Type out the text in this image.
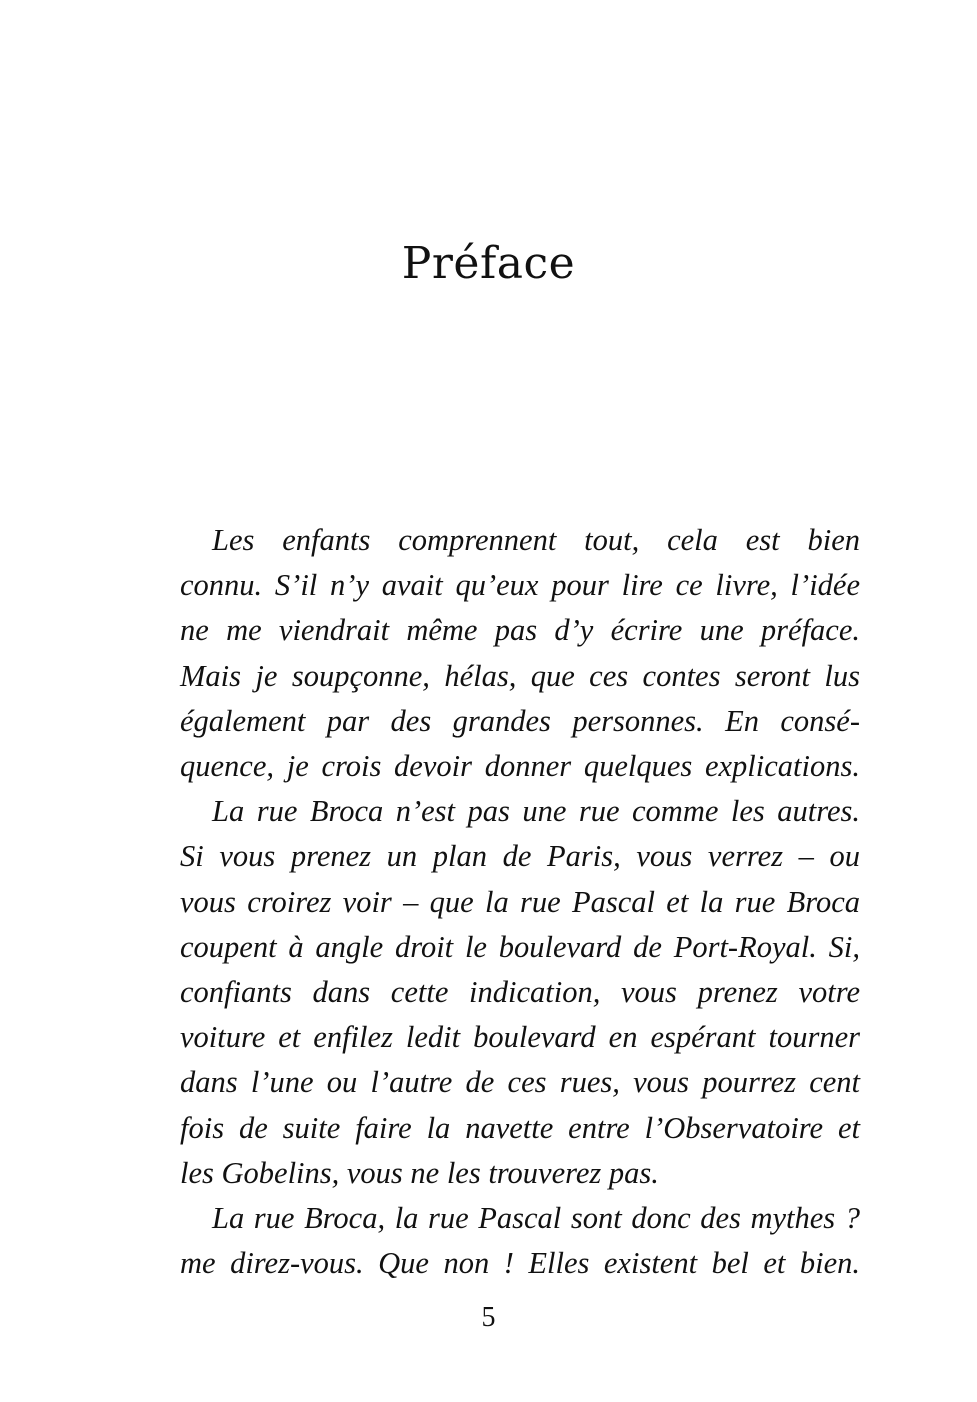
Préface
Les enfants comprennent tout, cela est bien
connu. S’il n’y avait qu’eux pour lire ce livre, l’idée
ne me viendrait même pas d’y écrire une préface.
Mais je soupçonne, hélas, que ces contes seront lus
également par des grandes personnes. En consé-
quence, je crois devoir donner quelques explications.
La rue Broca n’est pas une rue comme les autres.
Si vous prenez un plan de Paris, vous verrez – ou
vous croirez voir – que la rue Pascal et la rue Broca
coupent à angle droit le boulevard de Port-Royal. Si,
confiants dans cette indication, vous prenez votre
voiture et enfilez ledit boulevard en espérant tourner
dans l’une ou l’autre de ces rues, vous pourrez cent
fois de suite faire la navette entre l’Observatoire et
les Gobelins, vous ne les trouverez pas.
La rue Broca, la rue Pascal sont donc des mythes ?
me direz-vous. Que non ! Elles existent bel et bien.
5
